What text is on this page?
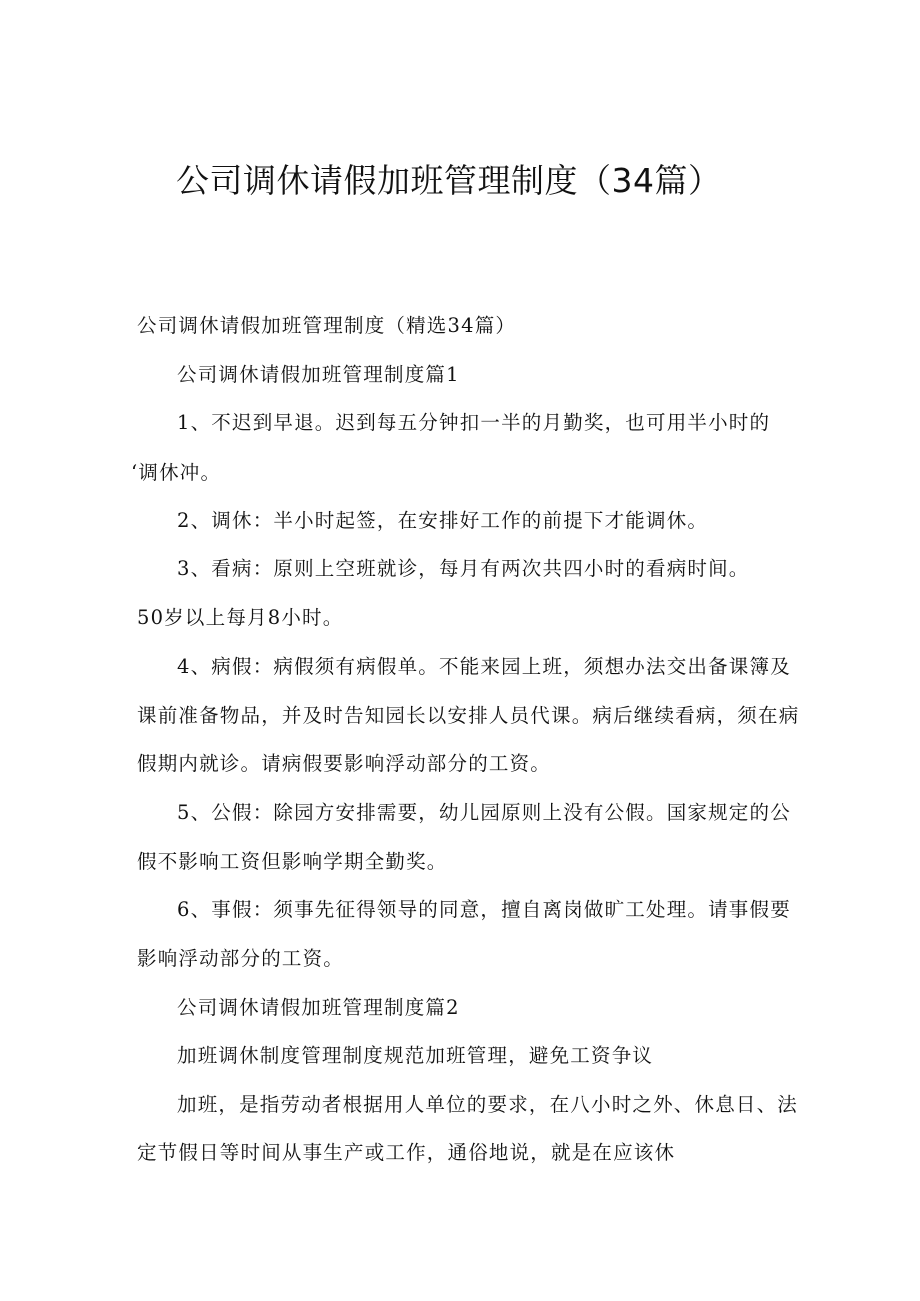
公司调休请假加班管理制度（34篇）

公司调休请假加班管理制度（精选34篇）

公司调休请假加班管理制度篇1

1、不迟到早退。迟到每五分钟扣一半的月勤奖，也可用半小时的

‘调休冲。

2、调休：半小时起签，在安排好工作的前提下才能调休。

3、看病：原则上空班就诊，每月有两次共四小时的看病时间。

50岁以上每月8小时。

4、病假：病假须有病假单。不能来园上班，须想办法交出备课簿及

课前准备物品，并及时告知园长以安排人员代课。病后继续看病，须在病

假期内就诊。请病假要影响浮动部分的工资。

5、公假：除园方安排需要，幼儿园原则上没有公假。国家规定的公

假不影响工资但影响学期全勤奖。

6、事假：须事先征得领导的同意，擅自离岗做旷工处理。请事假要

影响浮动部分的工资。

公司调休请假加班管理制度篇2

加班调休制度管理制度规范加班管理，避免工资争议

加班，是指劳动者根据用人单位的要求，在八小时之外、休息日、法

定节假日等时间从事生产或工作，通俗地说，就是在应该休
